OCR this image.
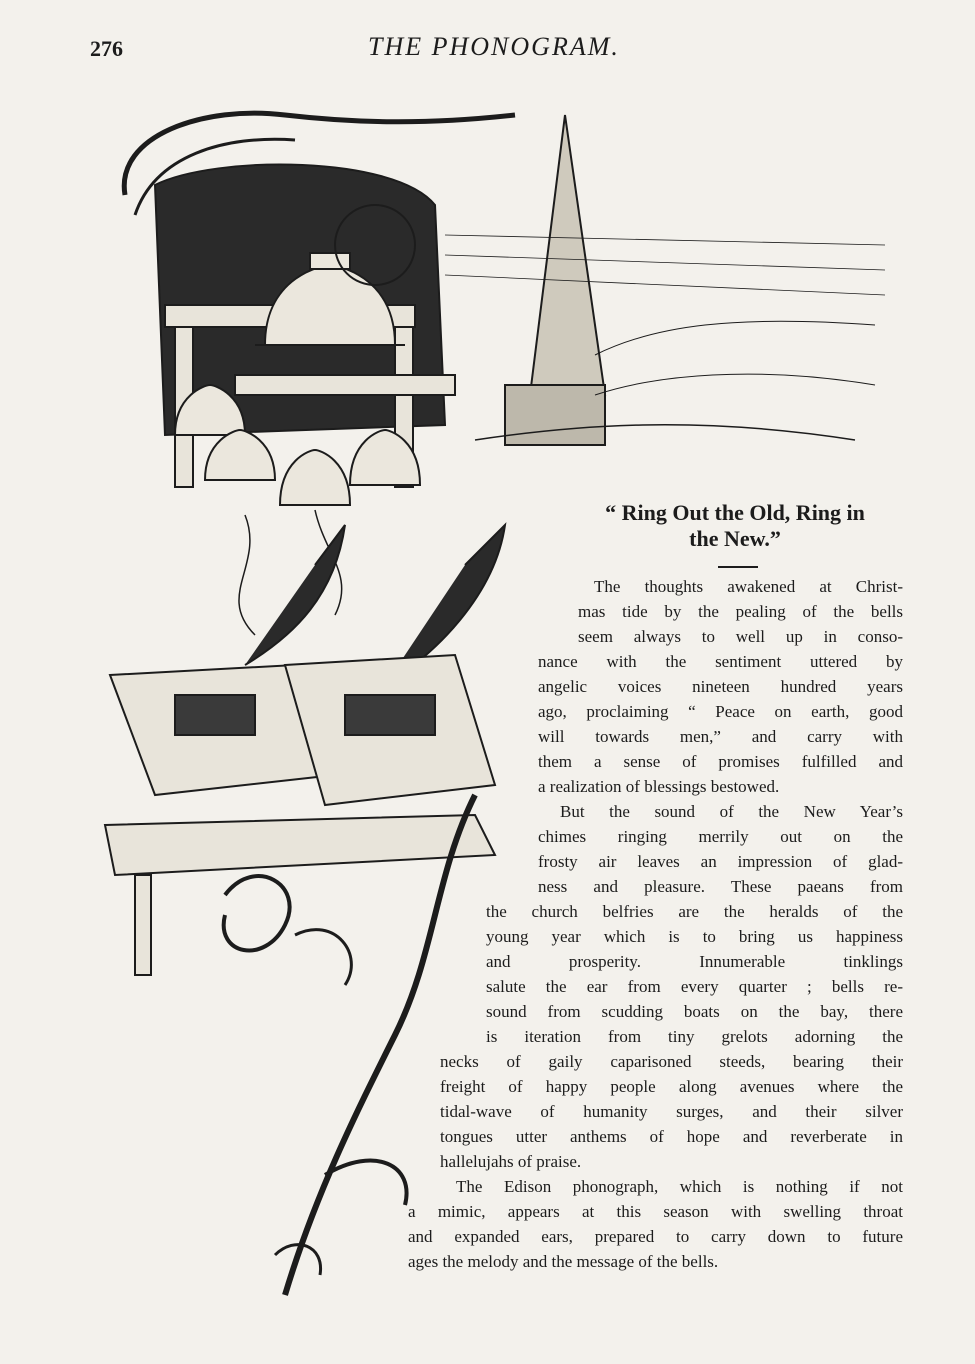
276	THE PHONOGRAM.
“ Ring Out the Old, Ring in
the New.”
The thoughts awakened at Christ-
mas tide by the pealing of the bells
seem always to well up in conso-
nance with the sentiment uttered by
angelic voices nineteen hundred years
ago, proclaiming “ Peace on earth, good
will towards men,” and carry with
them a sense of promises fulfilled and
a realization of blessings bestowed.
But the sound of the New Year’s
chimes ringing merrily out on the
frosty air leaves an impression of glad-
ness and pleasure. These paeans from
the church belfries are the heralds of the
young year which is to bring us happiness
and prosperity. Innumerable tinklings
salute the ear from every quarter ; bells re-
sound from scudding boats on the bay, there
is iteration from tiny grelots adorning the
necks of gaily caparisoned steeds, bearing their
freight of happy people along avenues where the
tidal-wave of humanity surges, and their silver
tongues utter anthems of hope and reverberate in
hallelujahs of praise.
The Edison phonograph, which is nothing if not
a mimic, appears at this season with swelling throat
and expanded ears, prepared to carry down to future
ages the melody and the message of the bells.
